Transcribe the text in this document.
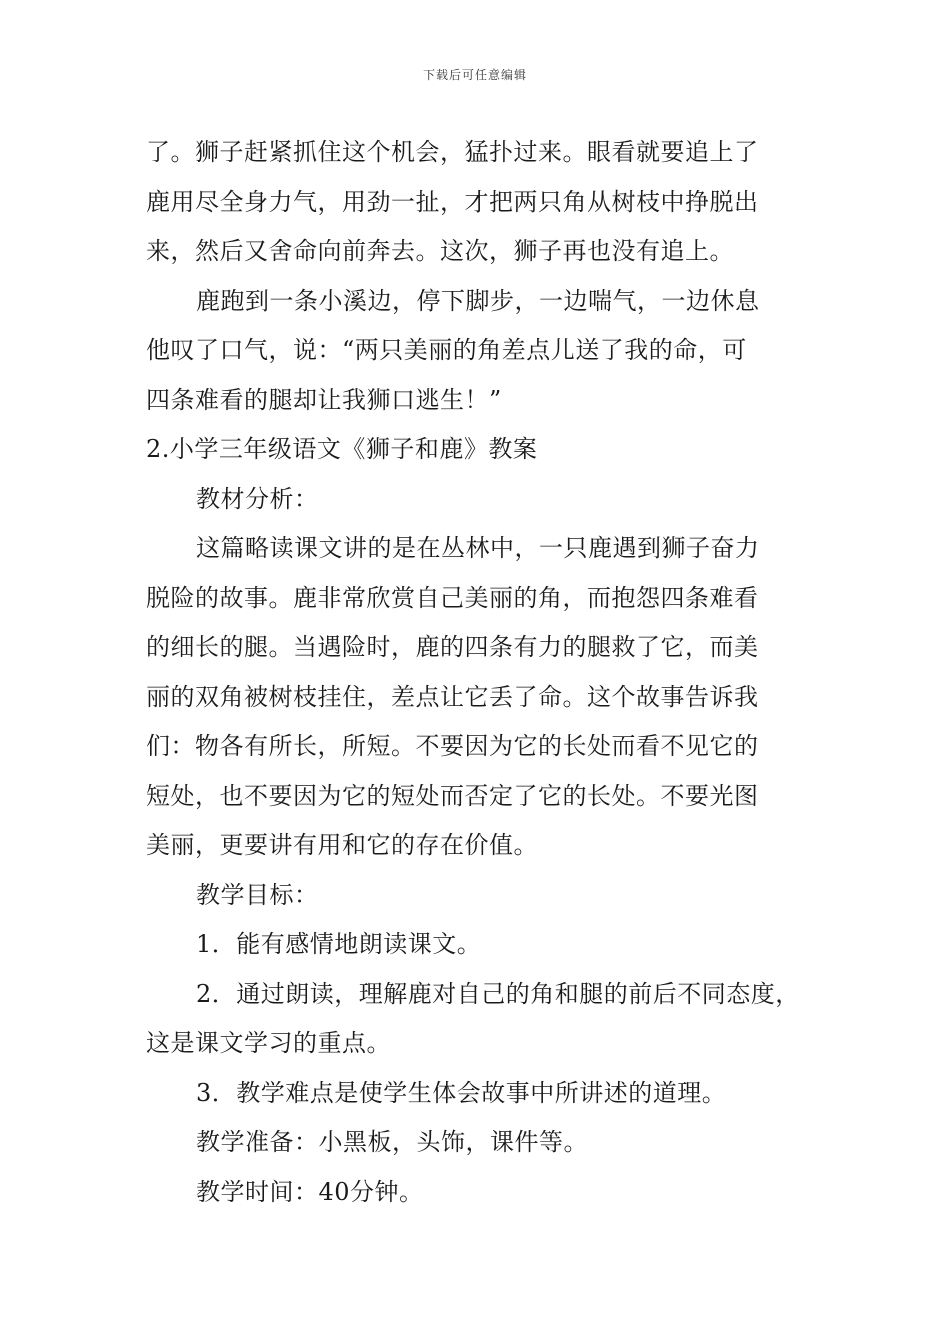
下载后可任意编辑
了。狮子赶紧抓住这个机会，猛扑过来。眼看就要追上了
鹿用尽全身力气，用劲一扯，才把两只角从树枝中挣脱出
来，然后又舍命向前奔去。这次，狮子再也没有追上。
鹿跑到一条小溪边，停下脚步，一边喘气，一边休息
他叹了口气，说：“两只美丽的角差点儿送了我的命，可
四条难看的腿却让我狮口逃生！”
2.小学三年级语文《狮子和鹿》教案
教材分析：
这篇略读课文讲的是在丛林中，一只鹿遇到狮子奋力
脱险的故事。鹿非常欣赏自己美丽的角，而抱怨四条难看
的细长的腿。当遇险时，鹿的四条有力的腿救了它，而美
丽的双角被树枝挂住，差点让它丢了命。这个故事告诉我
们：物各有所长，所短。不要因为它的长处而看不见它的
短处，也不要因为它的短处而否定了它的长处。不要光图
美丽，更要讲有用和它的存在价值。
教学目标：
1．能有感情地朗读课文。
2．通过朗读，理解鹿对自己的角和腿的前后不同态度，
这是课文学习的重点。
3．教学难点是使学生体会故事中所讲述的道理。
教学准备：小黑板，头饰，课件等。
教学时间：40分钟。
